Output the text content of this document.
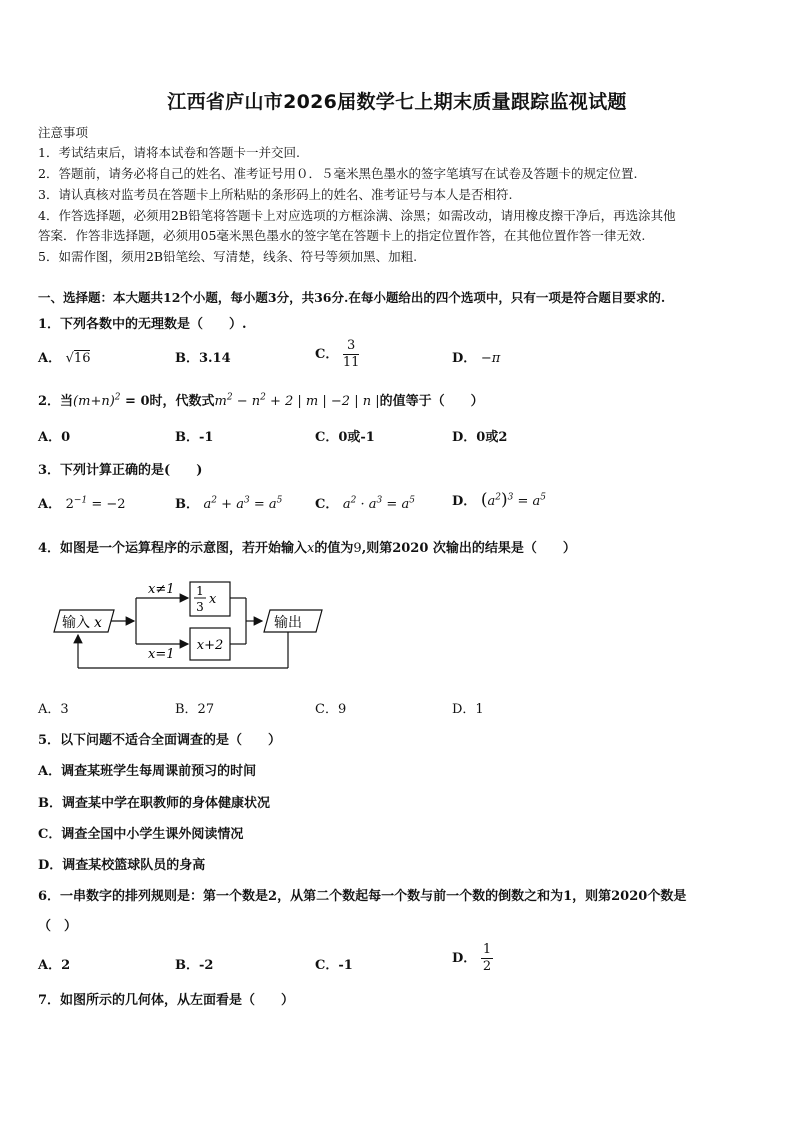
江西省庐山市2026届数学七上期末质量跟踪监视试题
注意事项
1．考试结束后，请将本试卷和答题卡一并交回.
2．答题前，请务必将自己的姓名、准考证号用０．５毫米黑色墨水的签字笔填写在试卷及答题卡的规定位置.
3．请认真核对监考员在答题卡上所粘贴的条形码上的姓名、准考证号与本人是否相符.
4．作答选择题，必须用2B铅笔将答题卡上对应选项的方框涂满、涂黑；如需改动，请用橡皮擦干净后，再选涂其他
答案．作答非选择题，必须用05毫米黑色墨水的签字笔在答题卡上的指定位置作答，在其他位置作答一律无效.
5．如需作图，须用2B铅笔绘、写清楚，线条、符号等须加黑、加粗.
一、选择题：本大题共12个小题，每小题3分，共36分.在每小题给出的四个选项中，只有一项是符合题目要求的.
1．下列各数中的无理数是（　　）.
A． √16	B．3.14	C． $\frac{3}{11}$	D． −π
2．当$(m+n)^2 = 0$时，代数式$m^2 - n^2 + 2$ | m | −2 | n |的值等于（　　）
A．0	B．-1	C．0或-1	D．0或2
3．下列计算正确的是(　　)
A． $2^{-1} = -2$	B． $a^2 + a^3 = a^5$	C． $a^2 \cdot a^3 = a^5$	D． $(a^2)^3 = a^5$
4．如图是一个运算程序的示意图，若开始输入x的值为9,则第2020 次输出的结果是（　　）
输入 x
x≠1
x=1
1
3 x
x+2
输出
A．3	B．27	C．9	D．1
5．以下问题不适合全面调查的是（　　）
A．调查某班学生每周课前预习的时间
B．调查某中学在职教师的身体健康状况
C．调查全国中小学生课外阅读情况
D．调查某校篮球队员的身高
6．一串数字的排列规则是：第一个数是2，从第二个数起每一个数与前一个数的倒数之和为1，则第2020个数是
（　）
A．2	B．-2	C．-1	D． $\frac{1}{2}$
7．如图所示的几何体，从左面看是（　　）
